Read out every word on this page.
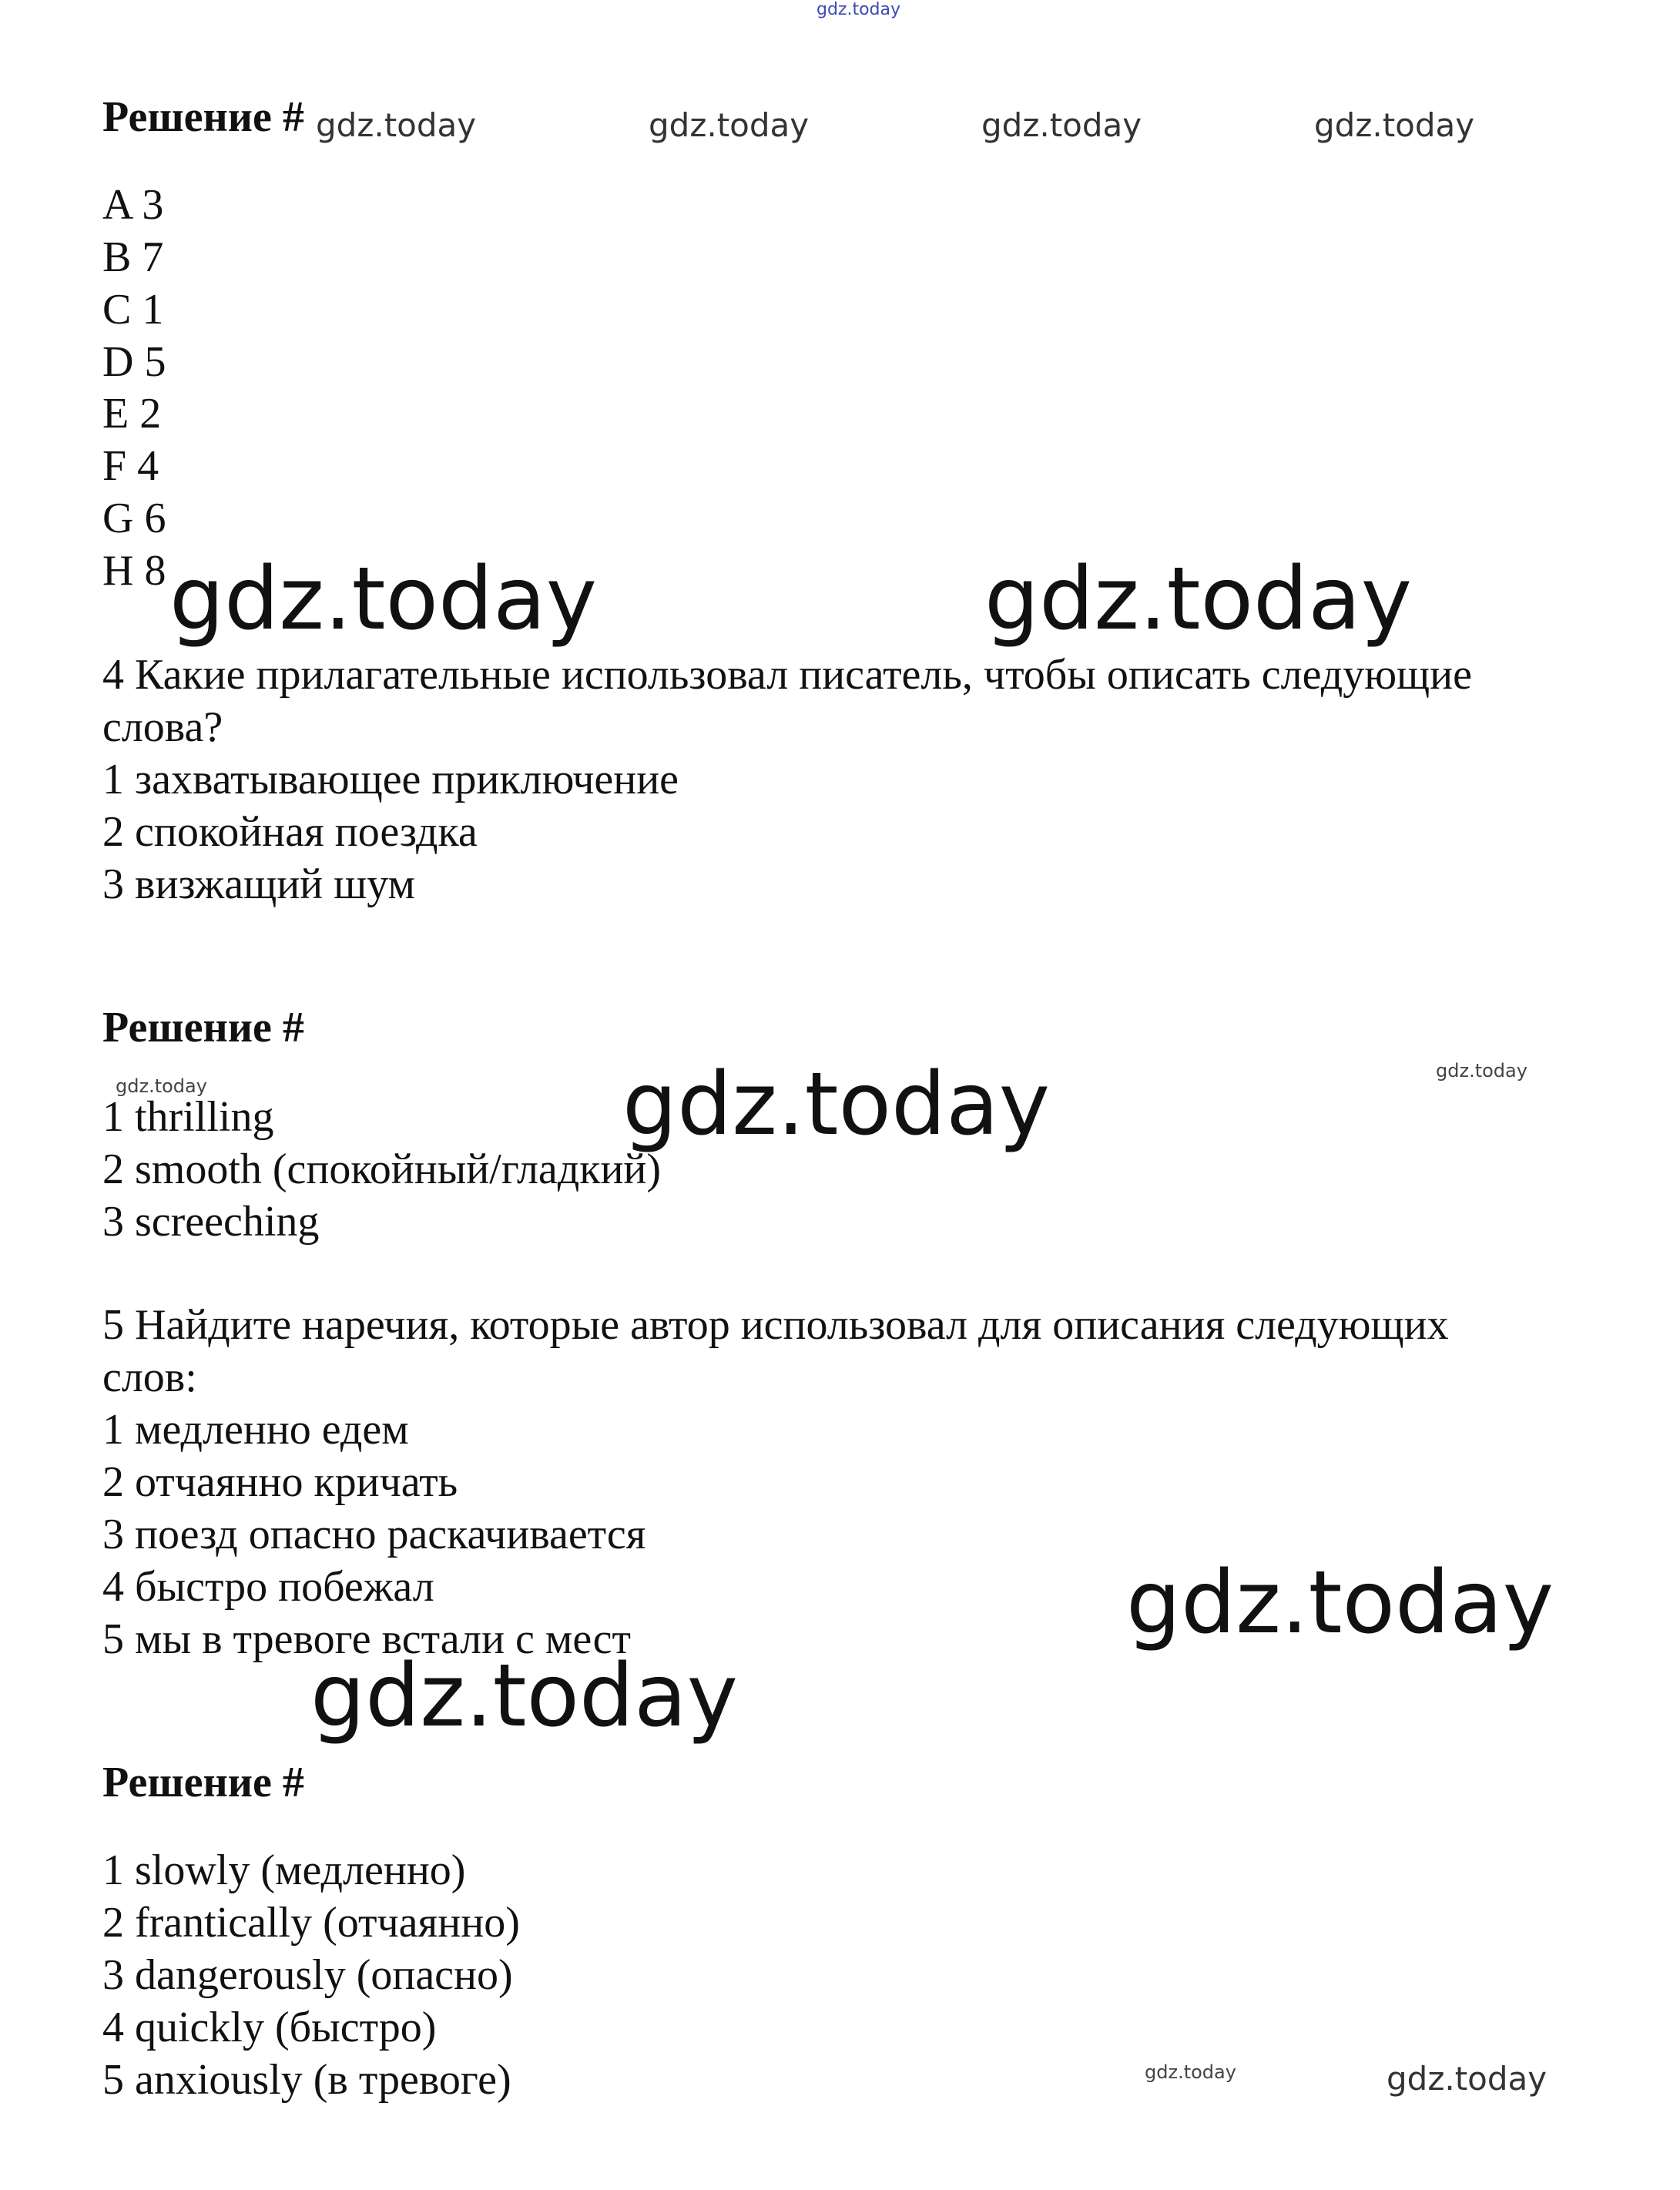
gdz.today
Решение # gdz.today	gdz.today	gdz.today	gdz.today
A 3
B 7
C 1
D 5
E 2
F 4
G 6
H 8 gdz.today	gdz.today
4 Какие прилагательные использовал писатель, чтобы описать следующие
слова?
1 захватывающее приключение
2 спокойная поездка
3 визжащий шум
Решение #
gdz.today
gdz.today
gdz.today
1 thrilling
2 smooth (спокойный/гладкий)
3 screeching
5 Найдите наречия, которые автор использовал для описания следующих
слов:
1 медленно едем
2 отчаянно кричать
3 поезд опасно раскачивается
4 быстро побежал
5 мы в тревоге встали с мест	gdz.today
gdz.today
Решение #
1 slowly (медленно)
2 frantically (отчаянно)
3 dangerously (опасно)
4 quickly (быстро)
5 anxiously (в тревоге)	gdz.today	gdz.today
